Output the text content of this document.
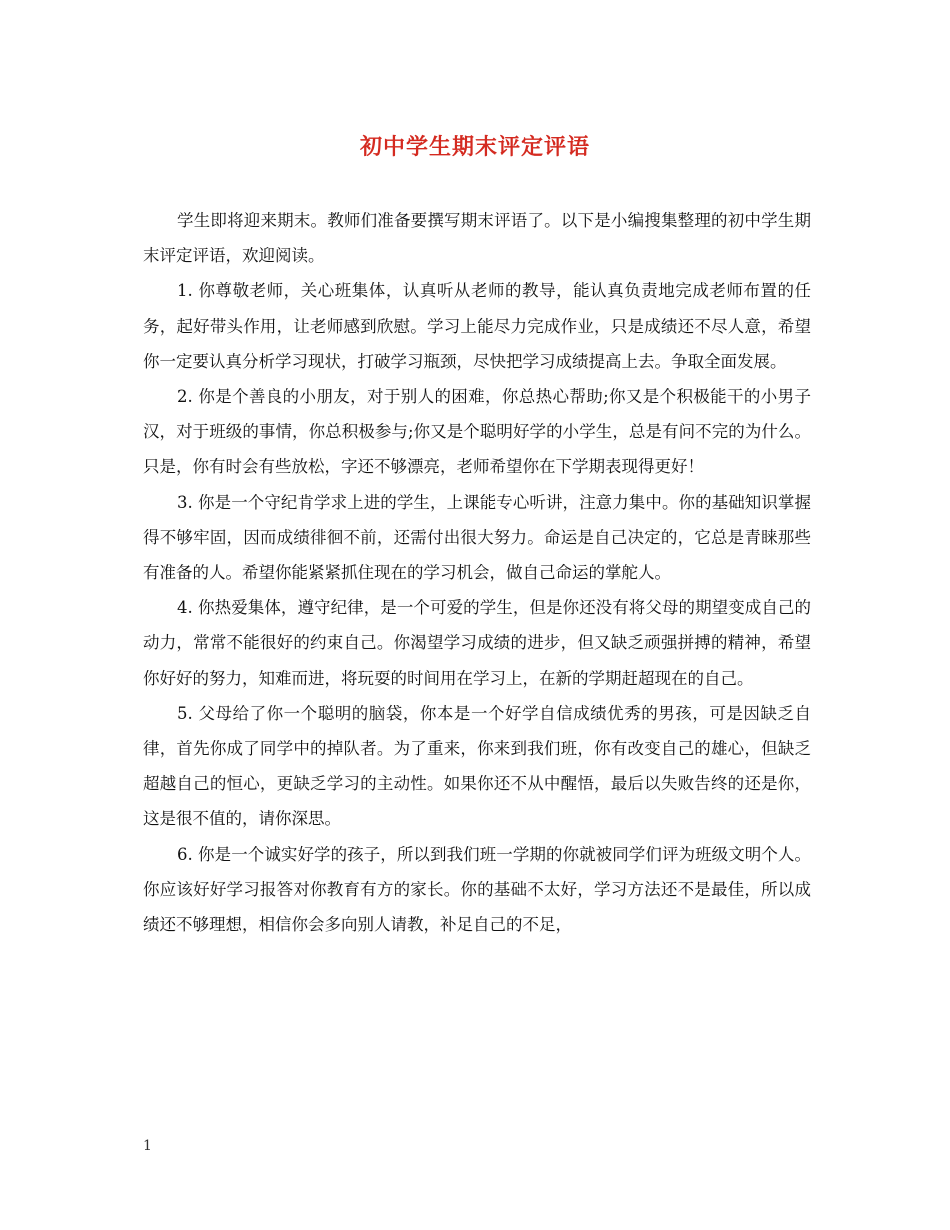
初中学生期末评定评语

学生即将迎来期末。教师们准备要撰写期末评语了。以下是小编搜集整理的初中学生期末评定评语，欢迎阅读。

1. 你尊敬老师，关心班集体，认真听从老师的教导，能认真负责地完成老师布置的任务，起好带头作用，让老师感到欣慰。学习上能尽力完成作业，只是成绩还不尽人意，希望你一定要认真分析学习现状，打破学习瓶颈，尽快把学习成绩提高上去。争取全面发展。

2. 你是个善良的小朋友，对于别人的困难，你总热心帮助;你又是个积极能干的小男子汉，对于班级的事情，你总积极参与;你又是个聪明好学的小学生，总是有问不完的为什么。只是，你有时会有些放松，字还不够漂亮，老师希望你在下学期表现得更好！

3. 你是一个守纪肯学求上进的学生，上课能专心听讲，注意力集中。你的基础知识掌握得不够牢固，因而成绩徘徊不前，还需付出很大努力。命运是自己决定的，它总是青睐那些有准备的人。希望你能紧紧抓住现在的学习机会，做自己命运的掌舵人。

4. 你热爱集体，遵守纪律，是一个可爱的学生，但是你还没有将父母的期望变成自己的动力，常常不能很好的约束自己。你渴望学习成绩的进步，但又缺乏顽强拼搏的精神，希望你好好的努力，知难而进，将玩耍的时间用在学习上，在新的学期赶超现在的自己。

5. 父母给了你一个聪明的脑袋，你本是一个好学自信成绩优秀的男孩，可是因缺乏自律，首先你成了同学中的掉队者。为了重来，你来到我们班，你有改变自己的雄心，但缺乏超越自己的恒心，更缺乏学习的主动性。如果你还不从中醒悟，最后以失败告终的还是你，这是很不值的，请你深思。

6. 你是一个诚实好学的孩子，所以到我们班一学期的你就被同学们评为班级文明个人。你应该好好学习报答对你教育有方的家长。你的基础不太好，学习方法还不是最佳，所以成绩还不够理想，相信你会多向别人请教，补足自己的不足，

1
